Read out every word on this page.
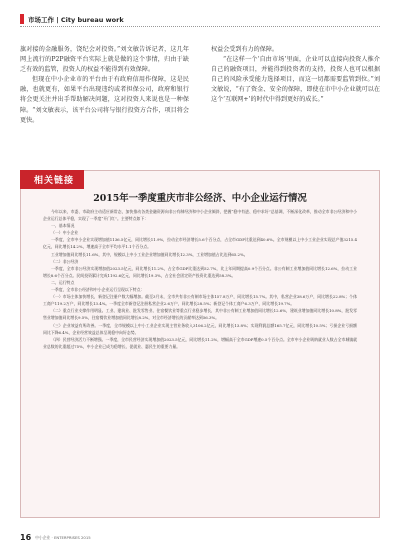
市场工作 | City bureau work

旗对接的金融服务，饶纪会对投资。”刘文敏告诉记者，这几年网上流行的P2P融资平台实际上就是做的这个事情，归由于缺乏有效的监管，投资人的权益不能得到有效保障。

但现在中小企业市的平台由于有政府信用作保障，这是民融，也就更有，如果平台出现违约或者担保公司，政府和银行将会更关注并出手帮助解决问题，这对投资人来说也是一种保障。“刘文敏表示，该平台公司将与银行投资方合作，项目将会更快。

权益会受到有力的保障。

“在这样一个‘自由市场’里面，企业可以直接向投资人推介自己的融资项目，并能得到投资者的支持，投资人也可以根据自己的风险承受能力选择项目，而这一切都需要监管到位。”刘文敏说，“有了资金、安全的保障，即使在市中小企业就可以在这个‘互联网+’的时代中得到更好的成长。”

2015年一季度重庆市非公经济、中小企业运行情况

今年以来，市委、市政府主动适应新常态，加快推动各类金融资源向非公有制经济和中小企业倾斜，把握“稳中有进、稳中求好”总基调，不断深化改革，推动全市非公经济和中小企业运行总体平稳，实现了一季度“开门红”。主要特点如下：

一、基本情况

（一）中小企业

一季度，全市中小企业实现增加值1136.5亿元，同比增长11.9%，拉动全市经济增长5.6个百分点，占全市GDP比重达到40.6%。全市规模以上中小工业企业实现总产值3215.4亿元，同比增长14.2%，增速高于全市平均水平1.1个百分点。

工业增加值同比增长11.6%，其中，规模以上中小工业企业增加值同比增长12.3%，工业增加值占比达到65.2%。

（二）非公经济

一季度，全市非公经济实现增加值2023.5亿元，同比增长11.2%，占全市GDP比重达到52.7%，比上年同期提高0.9个百分点。非公有制工业增加值同比增长12.6%，拉动工业增长8.6个百分点。民间投资累计完成1192.6亿元，同比增长19.3%，占全社会固定资产投资比重达到58.3%。

二、运行特点

一季度，全市非公经济和中小企业运行呈现以下特点：

（一）市场主体加快增长，新登记注册户数大幅增加。截至3月末，全市共有非公有制市场主体157.8万户，同比增长15.7%。其中，私营企业38.6万户，同比增长22.8%；个体工商户119.2万户，同比增长13.4%。一季度全市新登记注册私营企业2.6万户，同比增长28.5%；新登记个体工商户6.3万户，同比增长19.7%。

（二）重点行业支撑作用明显。工业、建筑业、批发零售业、住宿餐饮业等重点行业稳步增长，其中非公有制工业增加值同比增长12.6%，建筑业增加值同比增长10.8%，批发零售业增加值同比增长9.5%，住宿餐饮业增加值同比增长8.2%，对全市经济增长的贡献率达到56.3%。

（三）企业效益有所改善。一季度，全市规模以上中小工业企业实现主营业务收入3106.2亿元，同比增长13.8%；实现利润总额165.7亿元，同比增长10.5%；亏损企业亏损额同比下降6.4%，企业经营效益总体呈现稳中向好态势。

（四）民营经济活力不断增强。一季度，全市民营经济实现增加值2023.5亿元，同比增长11.2%，增幅高于全市GDP增速0.5个百分点。全市中小企业吸纳就业人数占全市城镇就业总数的比重超过75%，中小企业已成为稳增长、促就业、惠民生的重要力量。

相关链接
16 中小企业 · ENTERPRISES 2015
